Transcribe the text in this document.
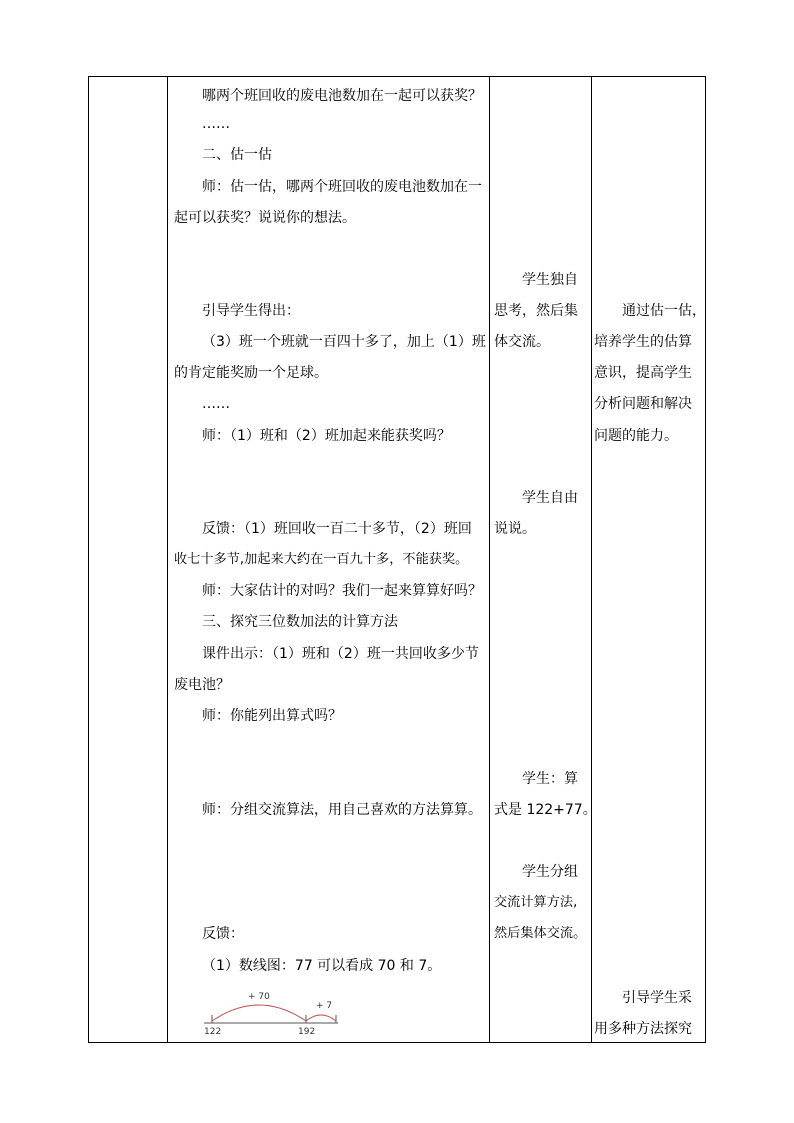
哪两个班回收的废电池数加在一起可以获奖？
……
二、估一估
师：估一估，哪两个班回收的废电池数加在一
起可以获奖？说说你的想法。
引导学生得出：
（3）班一个班就一百四十多了，加上（1）班
的肯定能奖励一个足球。
……
师：（1）班和（2）班加起来能获奖吗？
反馈：（1）班回收一百二十多节，（2）班回
收七十多节,加起来大约在一百九十多，不能获奖。
师：大家估计的对吗？我们一起来算算好吗？
三、探究三位数加法的计算方法
课件出示：（1）班和（2）班一共回收多少节
废电池？
师：你能列出算式吗？
师：分组交流算法，用自己喜欢的方法算算。
反馈：
（1）数线图：77 可以看成 70 和 7。
+ 70
+ 7
122	192
学生独自
思考，然后集
体交流。
学生自由
说说。
学生：算
式是 122+77。
学生分组
交流计算方法,
然后集体交流。
通过估一估，
培养学生的估算
意识，提高学生
分析问题和解决
问题的能力。
引导学生采
用多种方法探究
